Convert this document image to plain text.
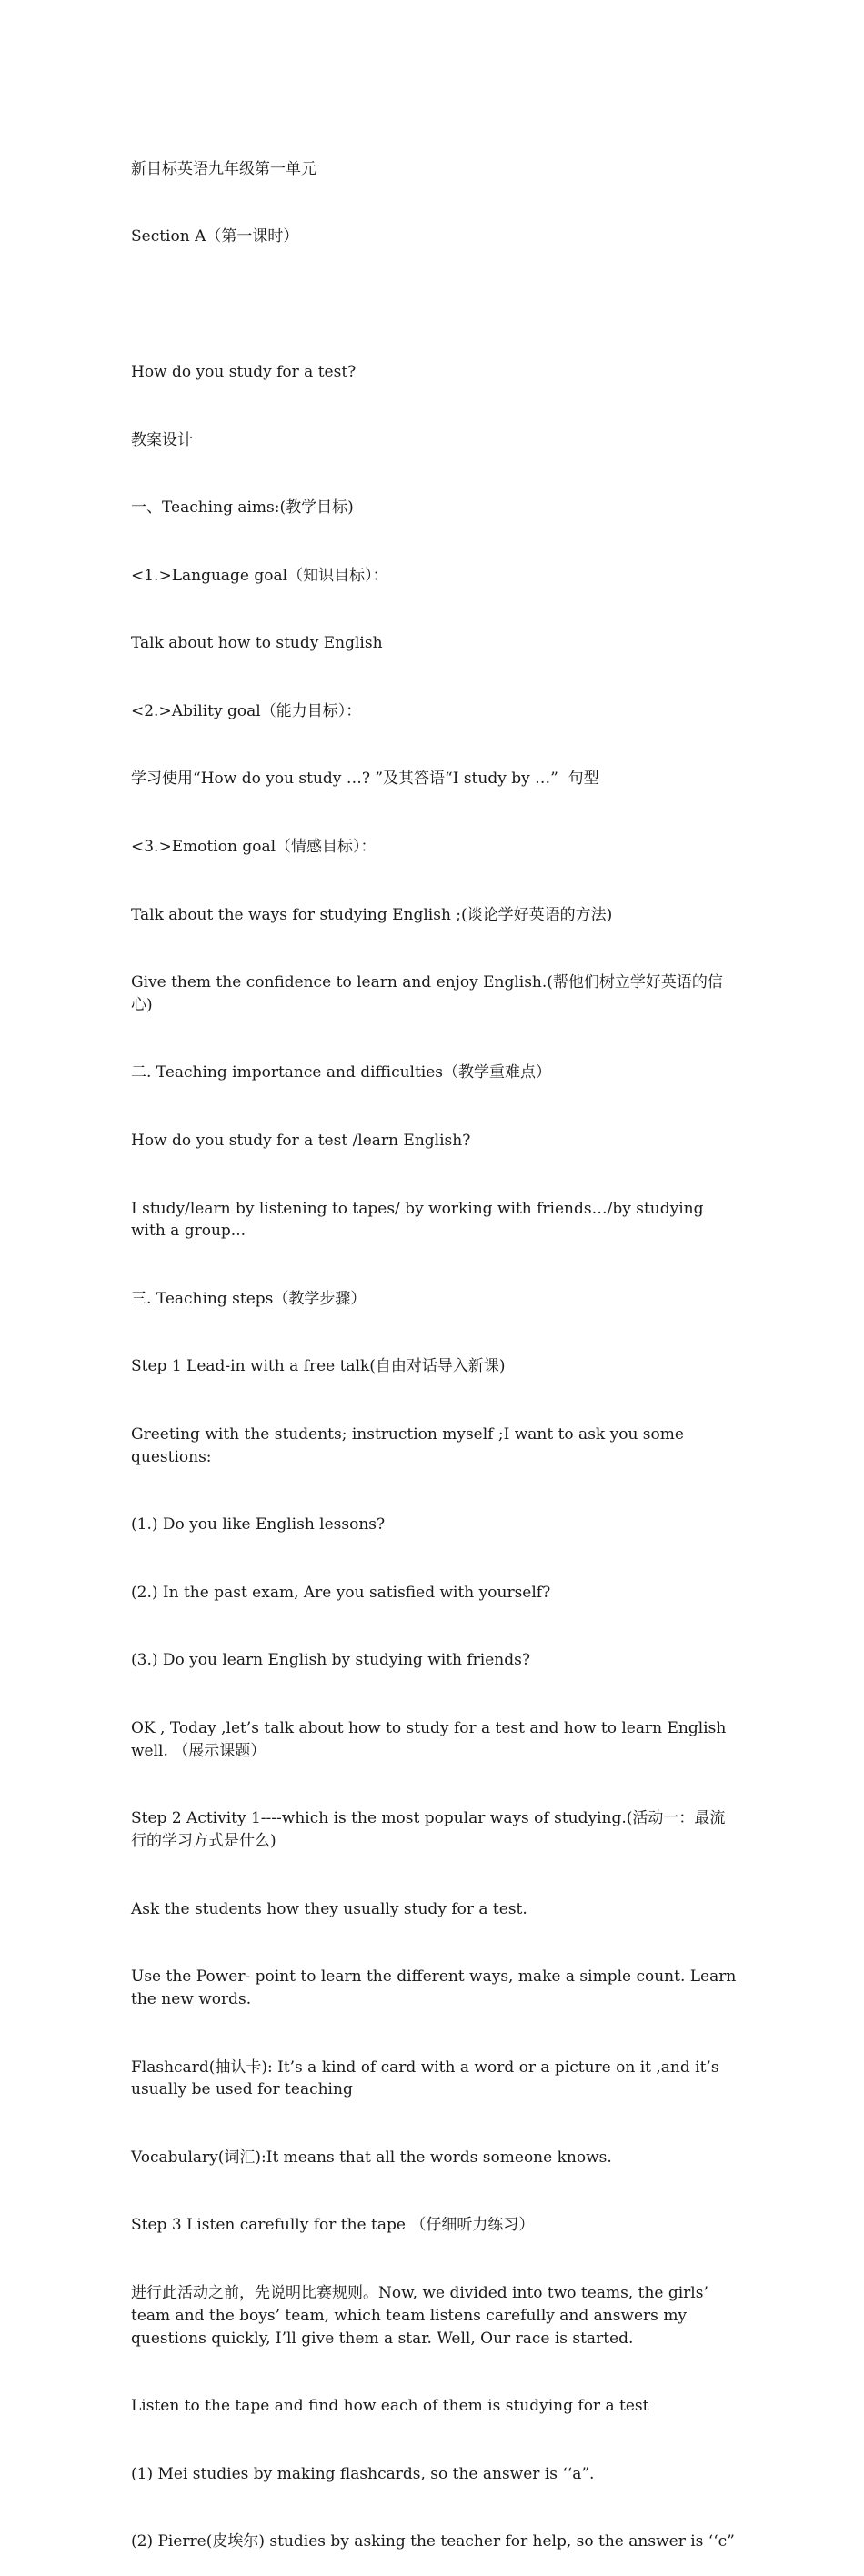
新目标英语九年级第一单元

Section A（第一课时）

How do you study for a test?

教案设计

一、Teaching aims:(教学目标)

<1.>Language goal（知识目标）：

Talk about how to study English

<2.>Ability goal（能力目标）：

学习使用“How do you study …? ”及其答语“I study by …”  句型

<3.>Emotion goal（情感目标）：

Talk about the ways for studying English ;(谈论学好英语的方法)

Give them the confidence to learn and enjoy English.(帮他们树立学好英语的信心)

二. Teaching importance and difficulties（教学重难点）

How do you study for a test /learn English?

I study/learn by listening to tapes/ by working with friends…/by studying with a group...

三. Teaching steps（教学步骤）

Step 1 Lead-in with a free talk(自由对话导入新课)

Greeting with the students; instruction myself ;I want to ask you some questions:

(1.) Do you like English lessons?

(2.) In the past exam, Are you satisfied with yourself?

(3.) Do you learn English by studying with friends?

OK , Today ,let’s talk about how to study for a test and how to learn English well. （展示课题）

Step 2 Activity 1----which is the most popular ways of studying.(活动一：最流行的学习方式是什么)

Ask the students how they usually study for a test.

Use the Power- point to learn the different ways, make a simple count. Learn the new words.

Flashcard(抽认卡): It’s a kind of card with a word or a picture on it ,and it’s usually be used for teaching

Vocabulary(词汇):It means that all the words someone knows.

Step 3 Listen carefully for the tape （仔细听力练习）

进行此活动之前，先说明比赛规则。Now, we divided into two teams, the girls’ team and the boys’ team, which team listens carefully and answers my questions quickly, I’ll give them a star. Well, Our race is started.

Listen to the tape and find how each of them is studying for a test

(1) Mei studies by making flashcards, so the answer is ‘‘a”.

(2) Pierre(皮埃尔) studies by asking the teacher for help, so the answer is ‘‘c”
